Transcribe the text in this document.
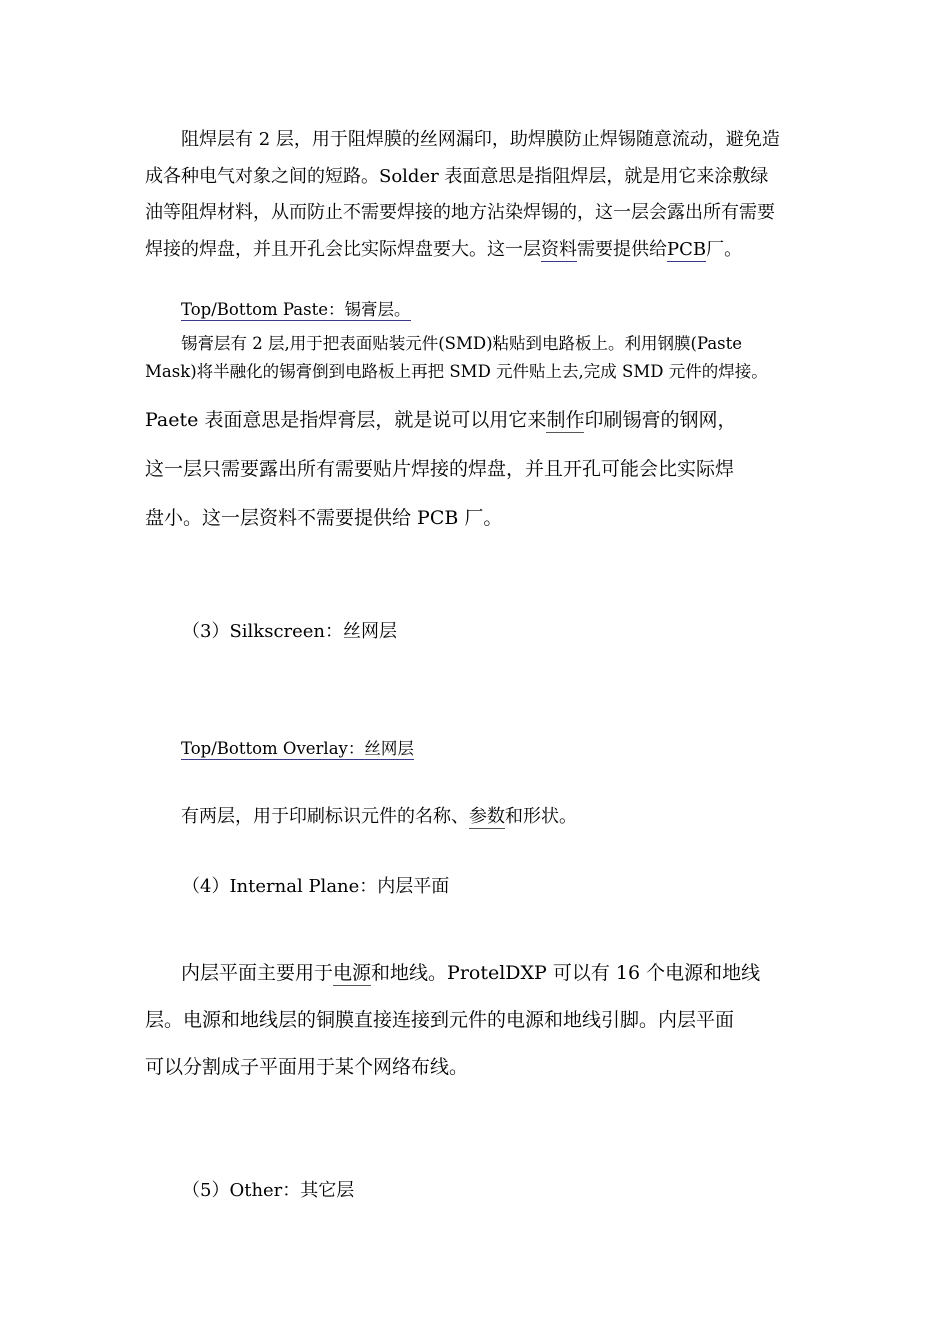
阻焊层有 2 层，用于阻焊膜的丝网漏印，助焊膜防止焊锡随意流动，避免造
成各种电气对象之间的短路。Solder 表面意思是指阻焊层，就是用它来涂敷绿
油等阻焊材料，从而防止不需要焊接的地方沾染焊锡的，这一层会露出所有需要
焊接的焊盘，并且开孔会比实际焊盘要大。这一层资料需要提供给PCB厂。
Top/Bottom Paste：锡膏层。
锡膏层有 2 层,用于把表面贴装元件(SMD)粘贴到电路板上。利用钢膜(Paste
Mask)将半融化的锡膏倒到电路板上再把 SMD 元件贴上去,完成 SMD 元件的焊接。
Paete 表面意思是指焊膏层，就是说可以用它来制作印刷锡膏的钢网，
这一层只需要露出所有需要贴片焊接的焊盘，并且开孔可能会比实际焊
盘小。这一层资料不需要提供给 PCB 厂。
（3）Silkscreen：丝网层
Top/Bottom Overlay：丝网层
有两层，用于印刷标识元件的名称、参数和形状。
（4）Internal Plane：内层平面
内层平面主要用于电源和地线。ProtelDXP 可以有 16 个电源和地线
层。电源和地线层的铜膜直接连接到元件的电源和地线引脚。内层平面
可以分割成子平面用于某个网络布线。
（5）Other：其它层
